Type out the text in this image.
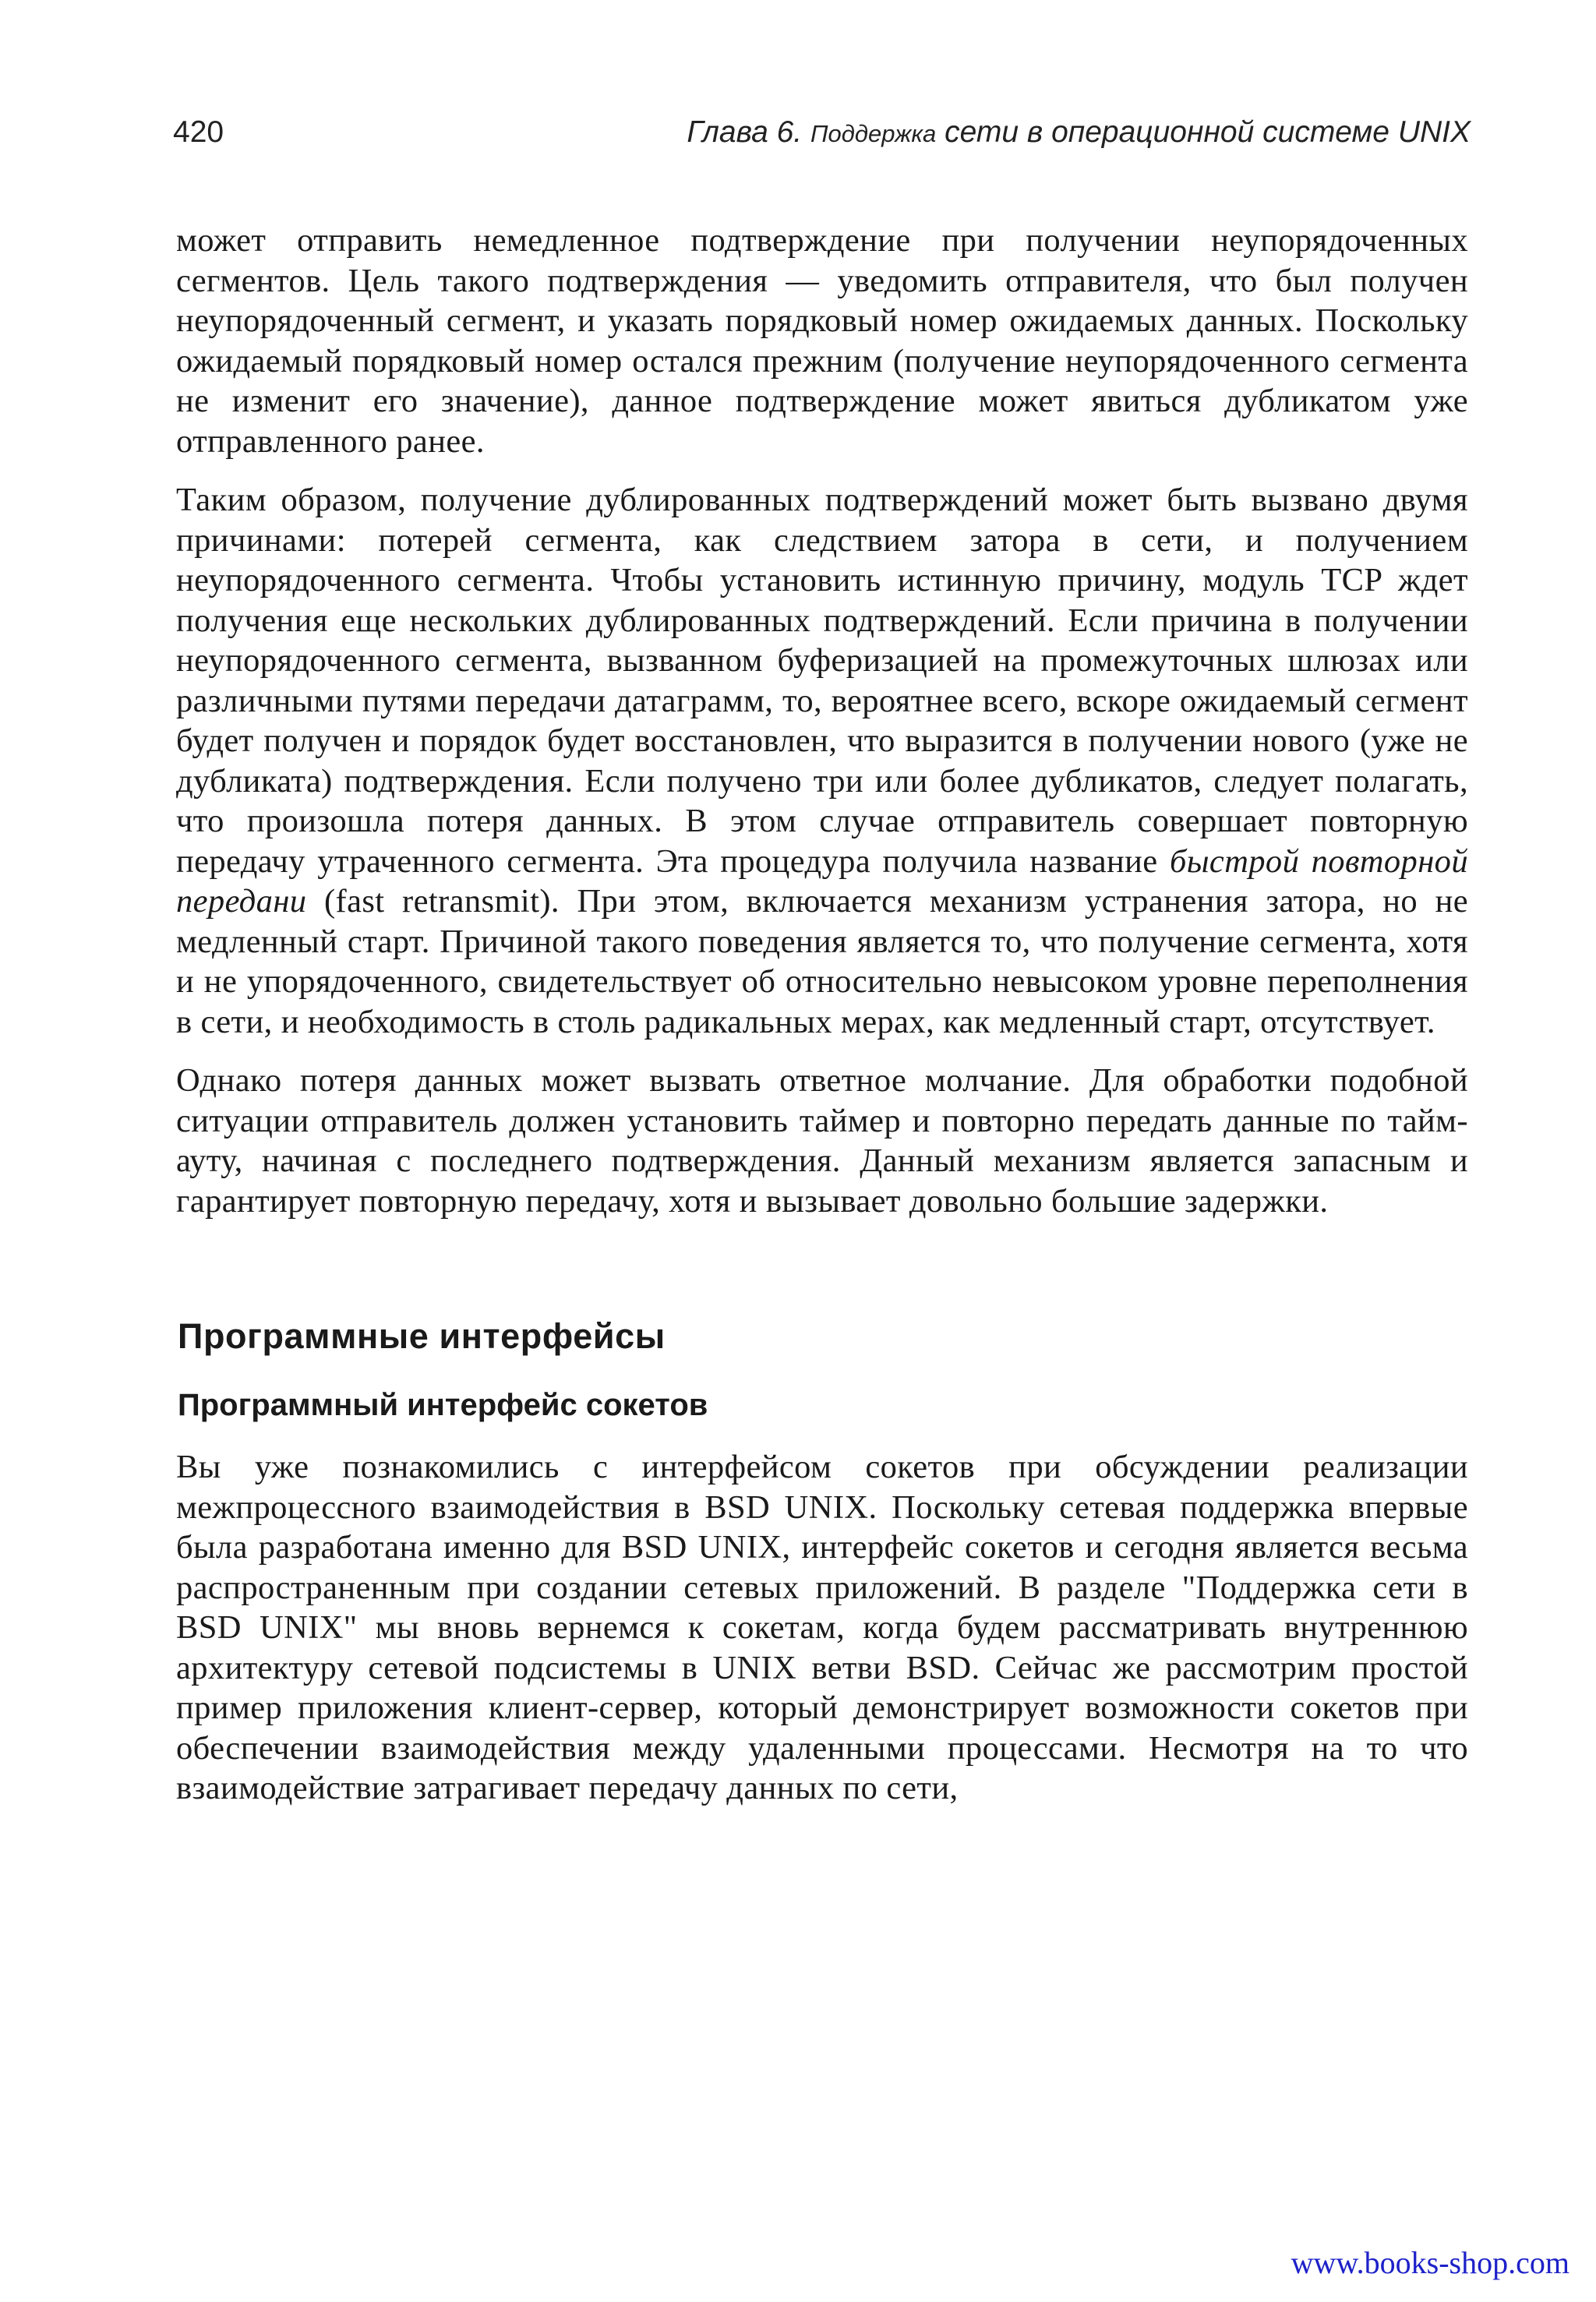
420	Глава 6. Поддержка сети в операционной системе UNIX

может отправить немедленное подтверждение при получении неупорядоченных сегментов. Цель такого подтверждения — уведомить отправителя, что был получен неупорядоченный сегмент, и указать порядковый номер ожидаемых данных. Поскольку ожидаемый порядковый номер остался прежним (получение неупорядоченного сегмента не изменит его значение), данное подтверждение может явиться дубликатом уже отправленного ранее.

Таким образом, получение дублированных подтверждений может быть вызвано двумя причинами: потерей сегмента, как следствием затора в сети, и получением неупорядоченного сегмента. Чтобы установить истинную причину, модуль TCP ждет получения еще нескольких дублированных подтверждений. Если причина в получении неупорядоченного сегмента, вызванном буферизацией на промежуточных шлюзах или различными путями передачи датаграмм, то, вероятнее всего, вскоре ожидаемый сегмент будет получен и порядок будет восстановлен, что выразится в получении нового (уже не дубликата) подтверждения. Если получено три или более дубликатов, следует полагать, что произошла потеря данных. В этом случае отправитель совершает повторную передачу утраченного сегмента. Эта процедура получила название быстрой повторной передани (fast retransmit). При этом, включается механизм устранения затора, но не медленный старт. Причиной такого поведения является то, что получение сегмента, хотя и не упорядоченного, свидетельствует об относительно невысоком уровне переполнения в сети, и необходимость в столь радикальных мерах, как медленный старт, отсутствует.

Однако потеря данных может вызвать ответное молчание. Для обработки подобной ситуации отправитель должен установить таймер и повторно передать данные по тайм-ауту, начиная с последнего подтверждения. Данный механизм является запасным и гарантирует повторную передачу, хотя и вызывает довольно большие задержки.

Программные интерфейсы
Программный интерфейс сокетов

Вы уже познакомились с интерфейсом сокетов при обсуждении реализации межпроцессного взаимодействия в BSD UNIX. Поскольку сетевая поддержка впервые была разработана именно для BSD UNIX, интерфейс сокетов и сегодня является весьма распространенным при создании сетевых приложений. В разделе "Поддержка сети в BSD UNIX" мы вновь вернемся к сокетам, когда будем рассматривать внутреннюю архитектуру сетевой подсистемы в UNIX ветви BSD. Сейчас же рассмотрим простой пример приложения клиент-сервер, который демонстрирует возможности сокетов при обеспечении взаимодействия между удаленными процессами. Несмотря на то что взаимодействие затрагивает передачу данных по сети,

www.books-shop.com
